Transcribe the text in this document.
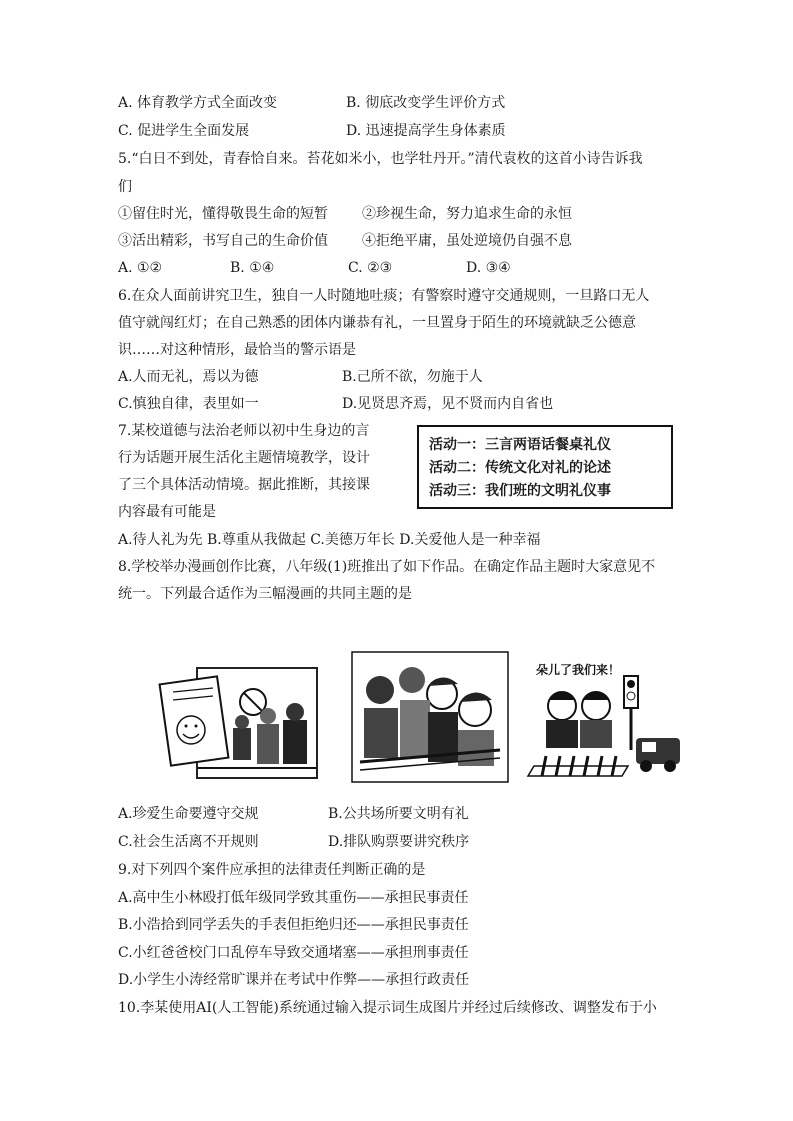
A. 体育教学方式全面改变	B. 彻底改变学生评价方式
C. 促进学生全面发展	D. 迅速提高学生身体素质
5.“白日不到处，青春恰自来。苔花如米小，也学牡丹开。”清代袁枚的这首小诗告诉我
们
①留住时光，懂得敬畏生命的短暂 ②珍视生命，努力追求生命的永恒
③活出精彩，书写自己的生命价值 ④拒绝平庸，虽处逆境仍自强不息
A. ①②	B. ①④	C. ②③	D. ③④
6.在众人面前讲究卫生，独自一人时随地吐痰；有警察时遵守交通规则，一旦路口无人
值守就闯红灯；在自己熟悉的团体内谦恭有礼，一旦置身于陌生的环境就缺乏公德意
识……对这种情形，最恰当的警示语是
A.人而无礼，焉以为德	B.己所不欲，勿施于人
C.慎独自律，表里如一	D.见贤思齐焉，见不贤而内自省也
7.某校道德与法治老师以初中生身边的言
行为话题开展生活化主题情境教学，设计
了三个具体活动情境。据此推断，其接课
内容最有可能是
活动一：三言两语话餐桌礼仪
活动二：传统文化对礼的论述
活动三：我们班的文明礼仪事
A.待人礼为先 B.尊重从我做起 C.美德万年长 D.关爱他人是一种幸福
8.学校举办漫画创作比赛，八年级(1)班推出了如下作品。在确定作品主题时大家意见不
统一。下列最合适作为三幅漫画的共同主题的是
朵儿了我们来！
A.珍爱生命要遵守交规	B.公共场所要文明有礼
C.社会生活离不开规则	D.排队购票要讲究秩序
9.对下列四个案件应承担的法律责任判断正确的是
A.高中生小林殴打低年级同学致其重伤——承担民事责任
B.小浩拾到同学丢失的手表但拒绝归还——承担民事责任
C.小红爸爸校门口乱停车导致交通堵塞——承担刑事责任
D.小学生小涛经常旷课并在考试中作弊——承担行政责任
10.李某使用AI(人工智能)系统通过输入提示词生成图片并经过后续修改、调整发布于小
